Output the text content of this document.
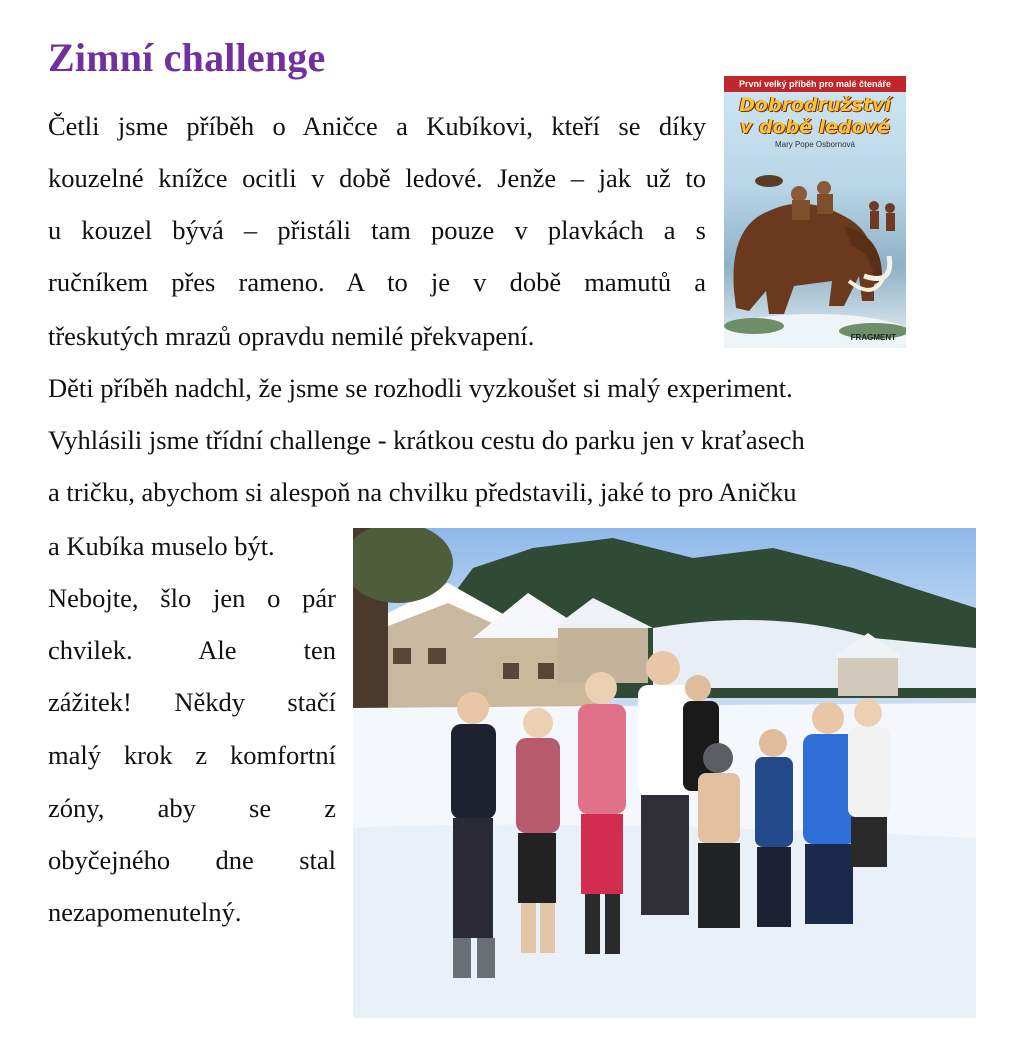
Zimní challenge
Četli jsme příběh o Aničce a Kubíkovi, kteří se díky
kouzelné knížce ocitli v době ledové. Jenže – jak už to
u kouzel bývá – přistáli tam pouze v plavkách a s
ručníkem přes rameno. A to je v době mamutů a
třeskutých mrazů opravdu nemilé překvapení.
Děti příběh nadchl, že jsme se rozhodli vyzkoušet si malý experiment.
Vyhlásili jsme třídní challenge - krátkou cestu do parku jen v kraťasech
a tričku, abychom si alespoň na chvilku představili, jaké to pro Aničku
a Kubíka muselo být.
Nebojte, šlo jen o pár
chvilek. Ale ten
zážitek! Někdy stačí
malý krok z komfortní
zóny, aby se z
obyčejného dne stal
nezapomenutelný.
První velký příběh pro malé čtenáře
Dobrodružství
v době ledové
Mary Pope Osbornová
FRAGMENT
